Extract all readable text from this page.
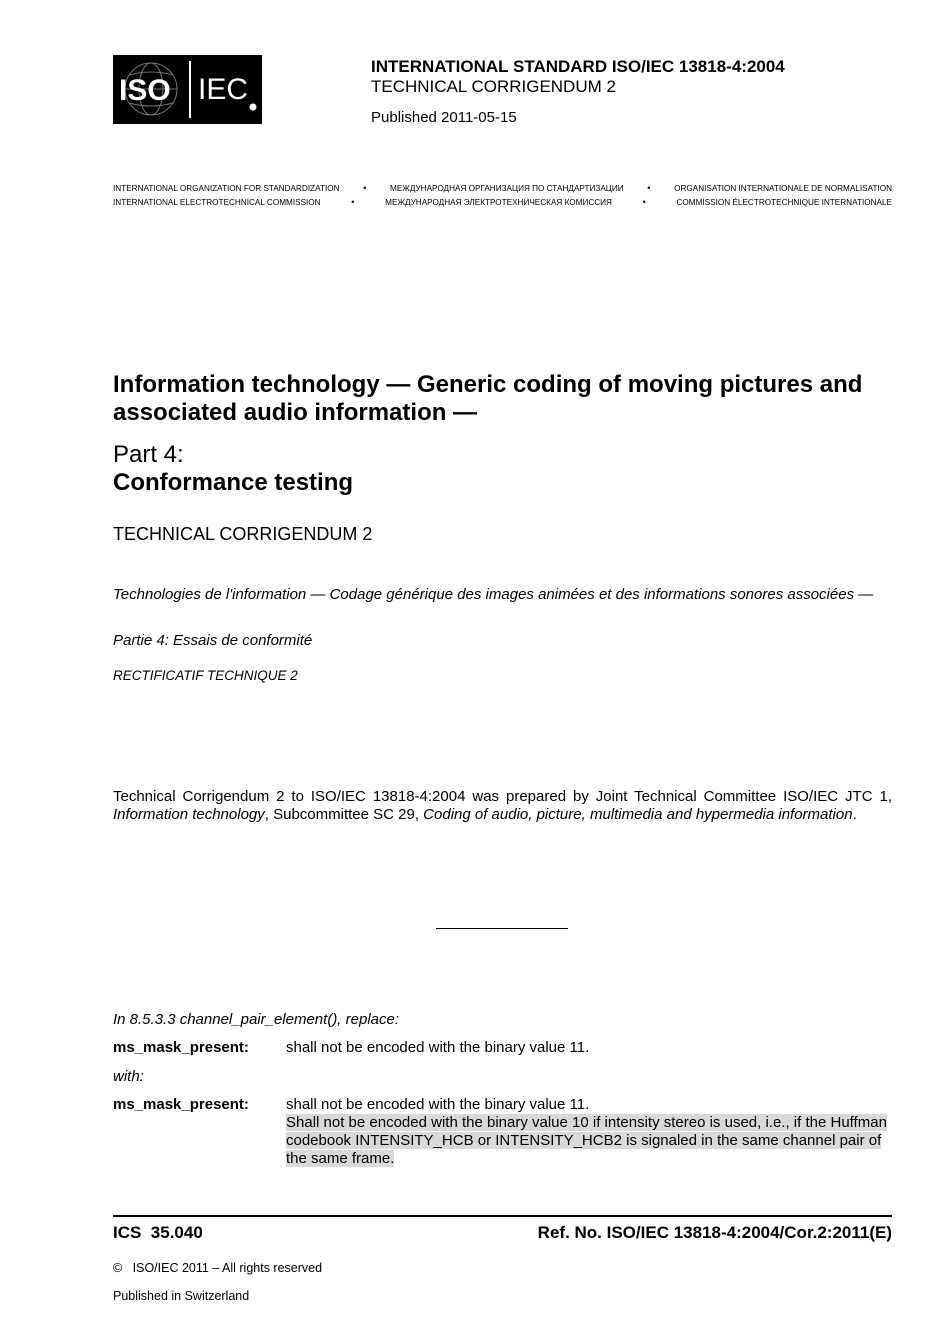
ISO IEC
INTERNATIONAL STANDARD ISO/IEC 13818-4:2004
TECHNICAL CORRIGENDUM 2
Published 2011-05-15
INTERNATIONAL ORGANIZATION FOR STANDARDIZATION	•	МЕЖДУНАРОДНАЯ ОРГАНИЗАЦИЯ ПО СТАНДАРТИЗАЦИИ	•	ORGANISATION INTERNATIONALE DE NORMALISATION
INTERNATIONAL ELECTROTECHNICAL COMMISSION	•	МЕЖДУНАРОДНАЯ ЭЛЕКТРОТЕХНИЧЕСКАЯ КОМИССИЯ	•	COMMISSION ÉLECTROTECHNIQUE INTERNATIONALE
Information technology — Generic coding of moving pictures and associated audio information —
Part 4:
Conformance testing
TECHNICAL CORRIGENDUM 2
Technologies de l'information — Codage générique des images animées et des informations sonores associées —
Partie 4: Essais de conformité
RECTIFICATIF TECHNIQUE 2
Technical Corrigendum 2 to ISO/IEC 13818-4:2004 was prepared by Joint Technical Committee ISO/IEC JTC 1, Information technology, Subcommittee SC 29, Coding of audio, picture, multimedia and hypermedia information.
In 8.5.3.3 channel_pair_element(), replace:
ms_mask_present: shall not be encoded with the binary value 11.
with:
ms_mask_present: shall not be encoded with the binary value 11.
Shall not be encoded with the binary value 10 if intensity stereo is used, i.e., if the Huffman codebook INTENSITY_HCB or INTENSITY_HCB2 is signaled in the same channel pair of the same frame.
ICS  35.040	Ref. No. ISO/IEC 13818-4:2004/Cor.2:2011(E)
©   ISO/IEC 2011 – All rights reserved
Published in Switzerland
